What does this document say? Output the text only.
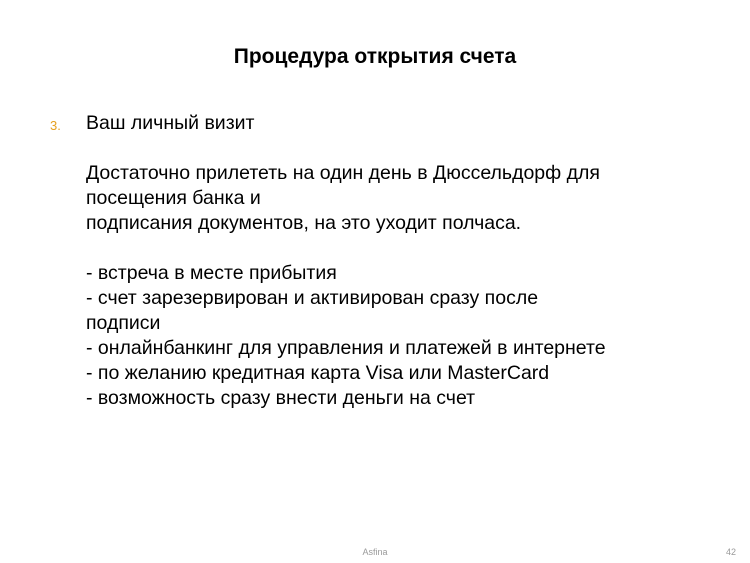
Процедура открытия счета
3. Ваш личный визит
Достаточно прилететь на один день в Дюссельдорф для
посещения банка и
подписания документов, на это уходит полчаса.
- встреча в месте прибытия
- счет зарезервирован и активирован сразу после
подписи
- онлайнбанкинг для управления и платежей в интернете
- по желанию кредитная карта Visa или MasterCard
- возможность сразу внести деньги на счет
Asfina	42
